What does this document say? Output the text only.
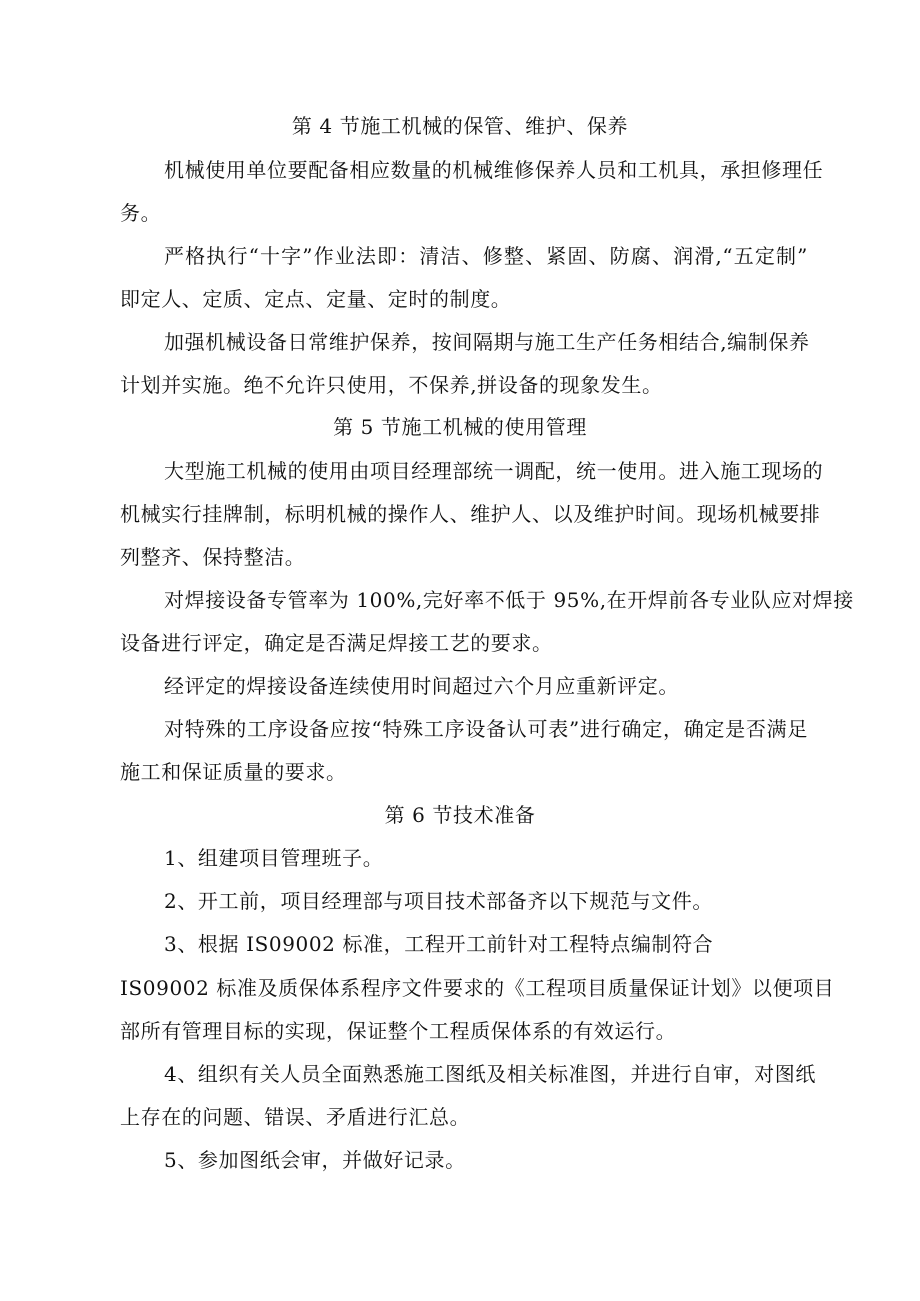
第 4 节施工机械的保管、维护、保养
机械使用单位要配备相应数量的机械维修保养人员和工机具，承担修理任
务。
严格执行“十字”作业法即：清洁、修整、紧固、防腐、润滑,“五定制”
即定人、定质、定点、定量、定时的制度。
加强机械设备日常维护保养，按间隔期与施工生产任务相结合,编制保养
计划并实施。绝不允许只使用，不保养,拼设备的现象发生。
第 5 节施工机械的使用管理
大型施工机械的使用由项目经理部统一调配，统一使用。进入施工现场的
机械实行挂牌制，标明机械的操作人、维护人、以及维护时间。现场机械要排
列整齐、保持整洁。
对焊接设备专管率为 100%,完好率不低于 95%,在开焊前各专业队应对焊接
设备进行评定，确定是否满足焊接工艺的要求。
经评定的焊接设备连续使用时间超过六个月应重新评定。
对特殊的工序设备应按“特殊工序设备认可表”进行确定，确定是否满足
施工和保证质量的要求。
第 6 节技术准备
1、组建项目管理班子。
2、开工前，项目经理部与项目技术部备齐以下规范与文件。
3、根据 IS09002 标准，工程开工前针对工程特点编制符合
IS09002 标准及质保体系程序文件要求的《工程项目质量保证计划》以便项目
部所有管理目标的实现，保证整个工程质保体系的有效运行。
4、组织有关人员全面熟悉施工图纸及相关标准图，并进行自审，对图纸
上存在的问题、错误、矛盾进行汇总。
5、参加图纸会审，并做好记录。
